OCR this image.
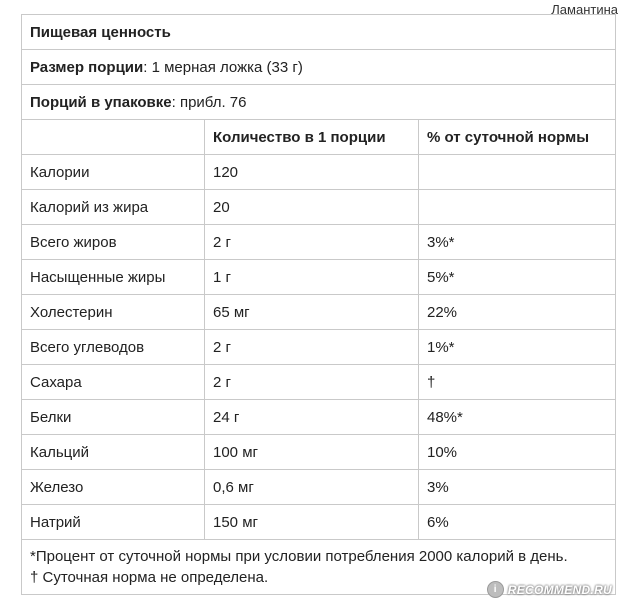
Ламантина
Пищевая ценность		
Размер порции: 1 мерная ложка (33 г)		
Порций в упаковке: прибл. 76		
	Количество в 1 порции	% от суточной нормы
Калории	120	
Калорий из жира	20	
Всего жиров	2 г	3%*
Насыщенные жиры	1 г	5%*
Холестерин	65 мг	22%
Всего углеводов	2 г	1%*
Сахара	2 г	†
Белки	24 г	48%*
Кальций	100 мг	10%
Железо	0,6 мг	3%
Натрий	150 мг	6%

*Процент от суточной нормы при условии потребления 2000 калорий в день.
† Суточная норма не определена.		
i RECOMMEND.RU
